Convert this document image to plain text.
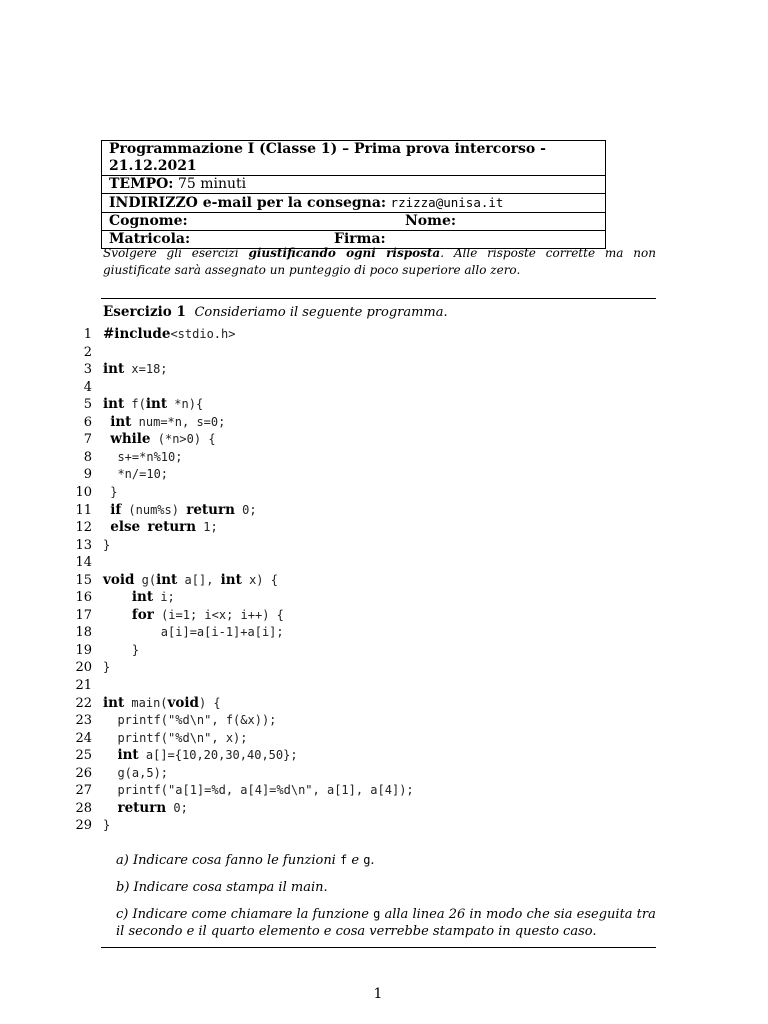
Programmazione I (Classe 1) – Prima prova intercorso - 21.12.2021
TEMPO: 75 minuti
INDIRIZZO e-mail per la consegna: rzizza@unisa.it
Cognome:	Nome:

Matricola:	Firma:
Svolgere gli esercizi giustificando ogni risposta. Alle risposte corrette ma non giustificate sarà assegnato un punteggio di poco superiore allo zero.
Esercizio 1 Consideriamo il seguente programma.
1 #include<stdio.h>
2
3 int x=18;
4
5 int f(int *n){
6	int num=*n, s=0;
7	while (*n>0) {
8 s+=*n%10;
9 *n/=10;
10 }
11	if (num%s) return 0;
12	else return 1;
13 }
14
15 void g(int a[], int x) {
16	int i;
17	for (i=1; i<x; i++) {
18 a[i]=a[i-1]+a[i];
19 }
20 }
21
22 int main(void) {
23 printf("%d\n", f(&x));
24 printf("%d\n", x);
25	int a[]={10,20,30,40,50};
26 g(a,5);
27 printf("a[1]=%d, a[4]=%d\n", a[1], a[4]);
28	return 0;
29 }
a) Indicare cosa fanno le funzioni f e g.
b) Indicare cosa stampa il main.
c) Indicare come chiamare la funzione g alla linea 26 in modo che sia eseguita tra il secondo e il quarto elemento e cosa verrebbe stampato in questo caso.
1
